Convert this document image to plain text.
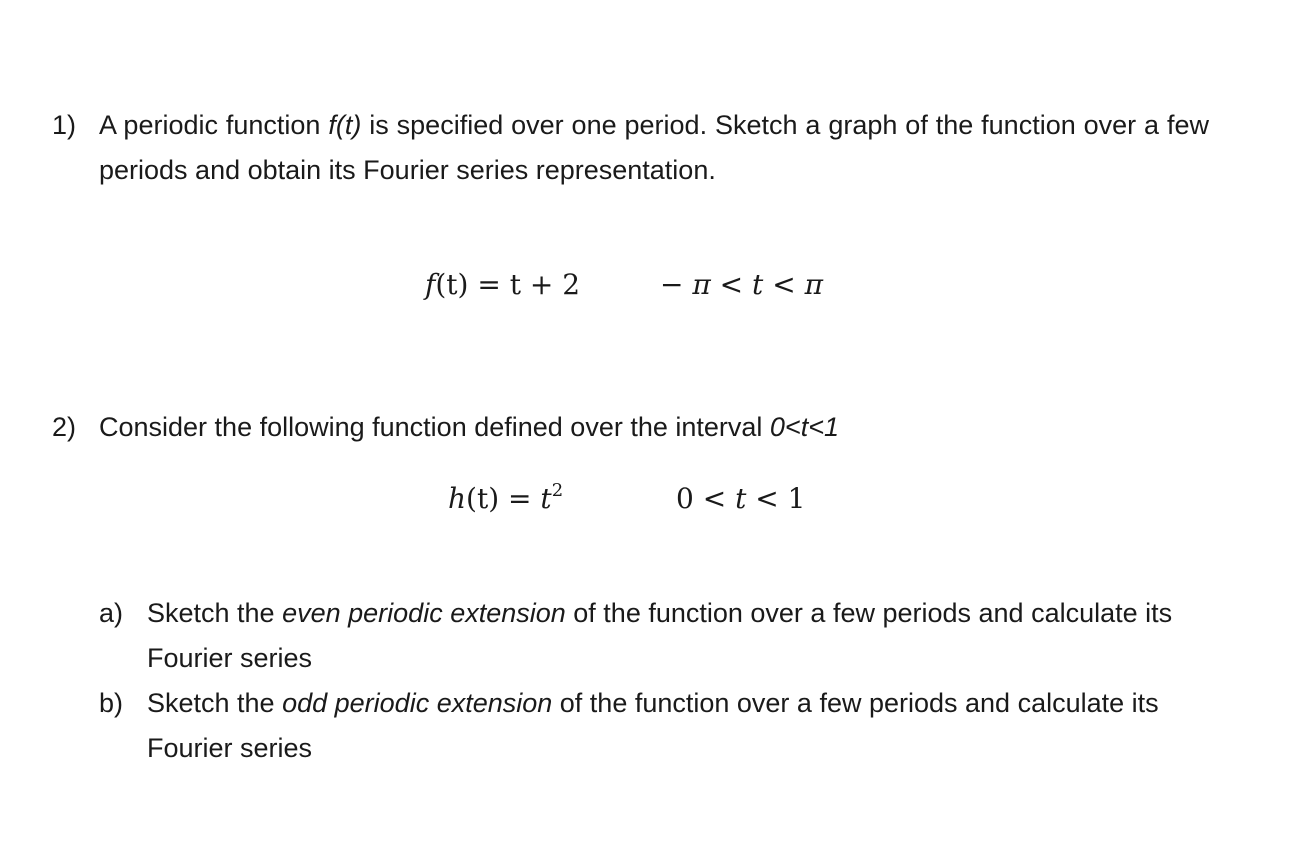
1) A periodic function f(t) is specified over one period. Sketch a graph of the function over a few periods and obtain its Fourier series representation.
f(t) = t + 2	− π < t < π
2) Consider the following function defined over the interval 0<t<1
$h(t) = t^2$	0 < t < 1
a) Sketch the even periodic extension of the function over a few periods and calculate its Fourier series
b) Sketch the odd periodic extension of the function over a few periods and calculate its Fourier series
